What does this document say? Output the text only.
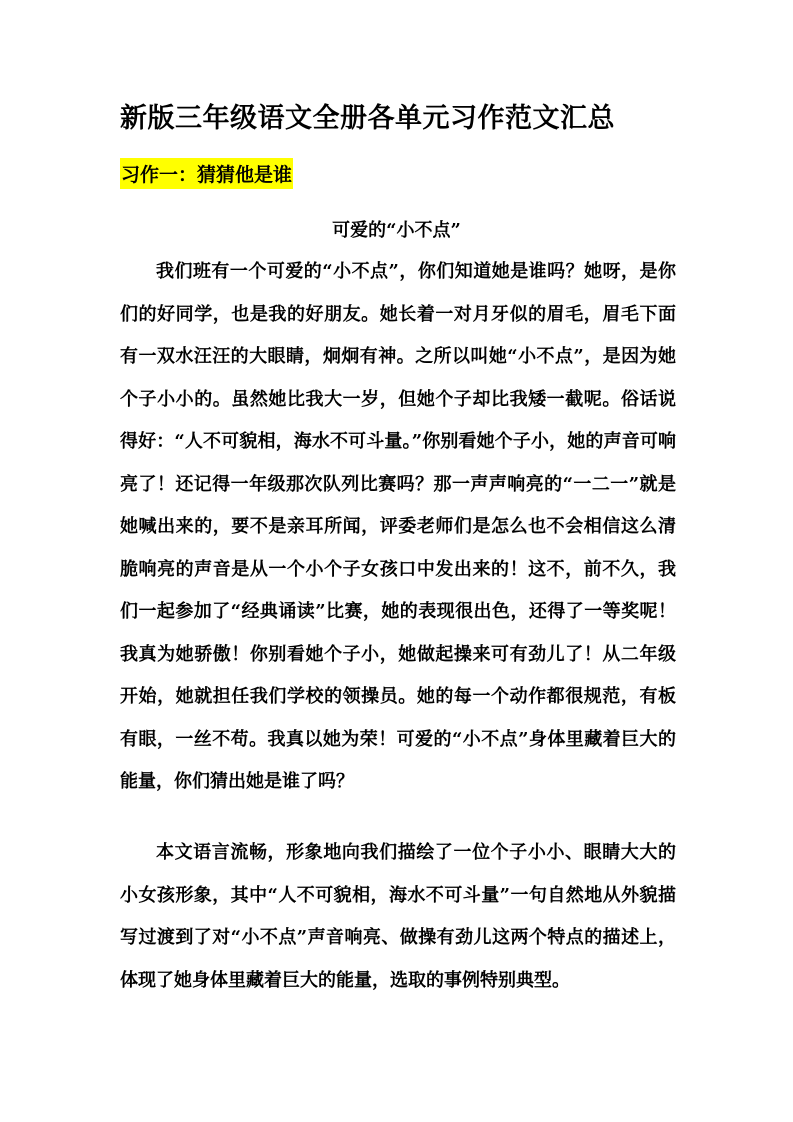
新版三年级语文全册各单元习作范文汇总
习作一：猜猜他是谁
可爱的“小不点”

我们班有一个可爱的“小不点”，你们知道她是谁吗？她呀，是你们的好同学，也是我的好朋友。她长着一对月牙似的眉毛，眉毛下面有一双水汪汪的大眼睛，炯炯有神。之所以叫她“小不点”，是因为她个子小小的。虽然她比我大一岁，但她个子却比我矮一截呢。俗话说得好：“人不可貌相，海水不可斗量。”你别看她个子小，她的声音可响亮了！还记得一年级那次队列比赛吗？那一声声响亮的“一二一”就是她喊出来的，要不是亲耳所闻，评委老师们是怎么也不会相信这么清脆响亮的声音是从一个小个子女孩口中发出来的！这不，前不久，我们一起参加了“经典诵读”比赛，她的表现很出色，还得了一等奖呢！我真为她骄傲！你别看她个子小，她做起操来可有劲儿了！从二年级开始，她就担任我们学校的领操员。她的每一个动作都很规范，有板有眼，一丝不苟。我真以她为荣！可爱的“小不点”身体里藏着巨大的能量，你们猜出她是谁了吗？

本文语言流畅，形象地向我们描绘了一位个子小小、眼睛大大的小女孩形象，其中“人不可貌相，海水不可斗量”一句自然地从外貌描写过渡到了对“小不点”声音响亮、做操有劲儿这两个特点的描述上，体现了她身体里藏着巨大的能量，选取的事例特别典型。
